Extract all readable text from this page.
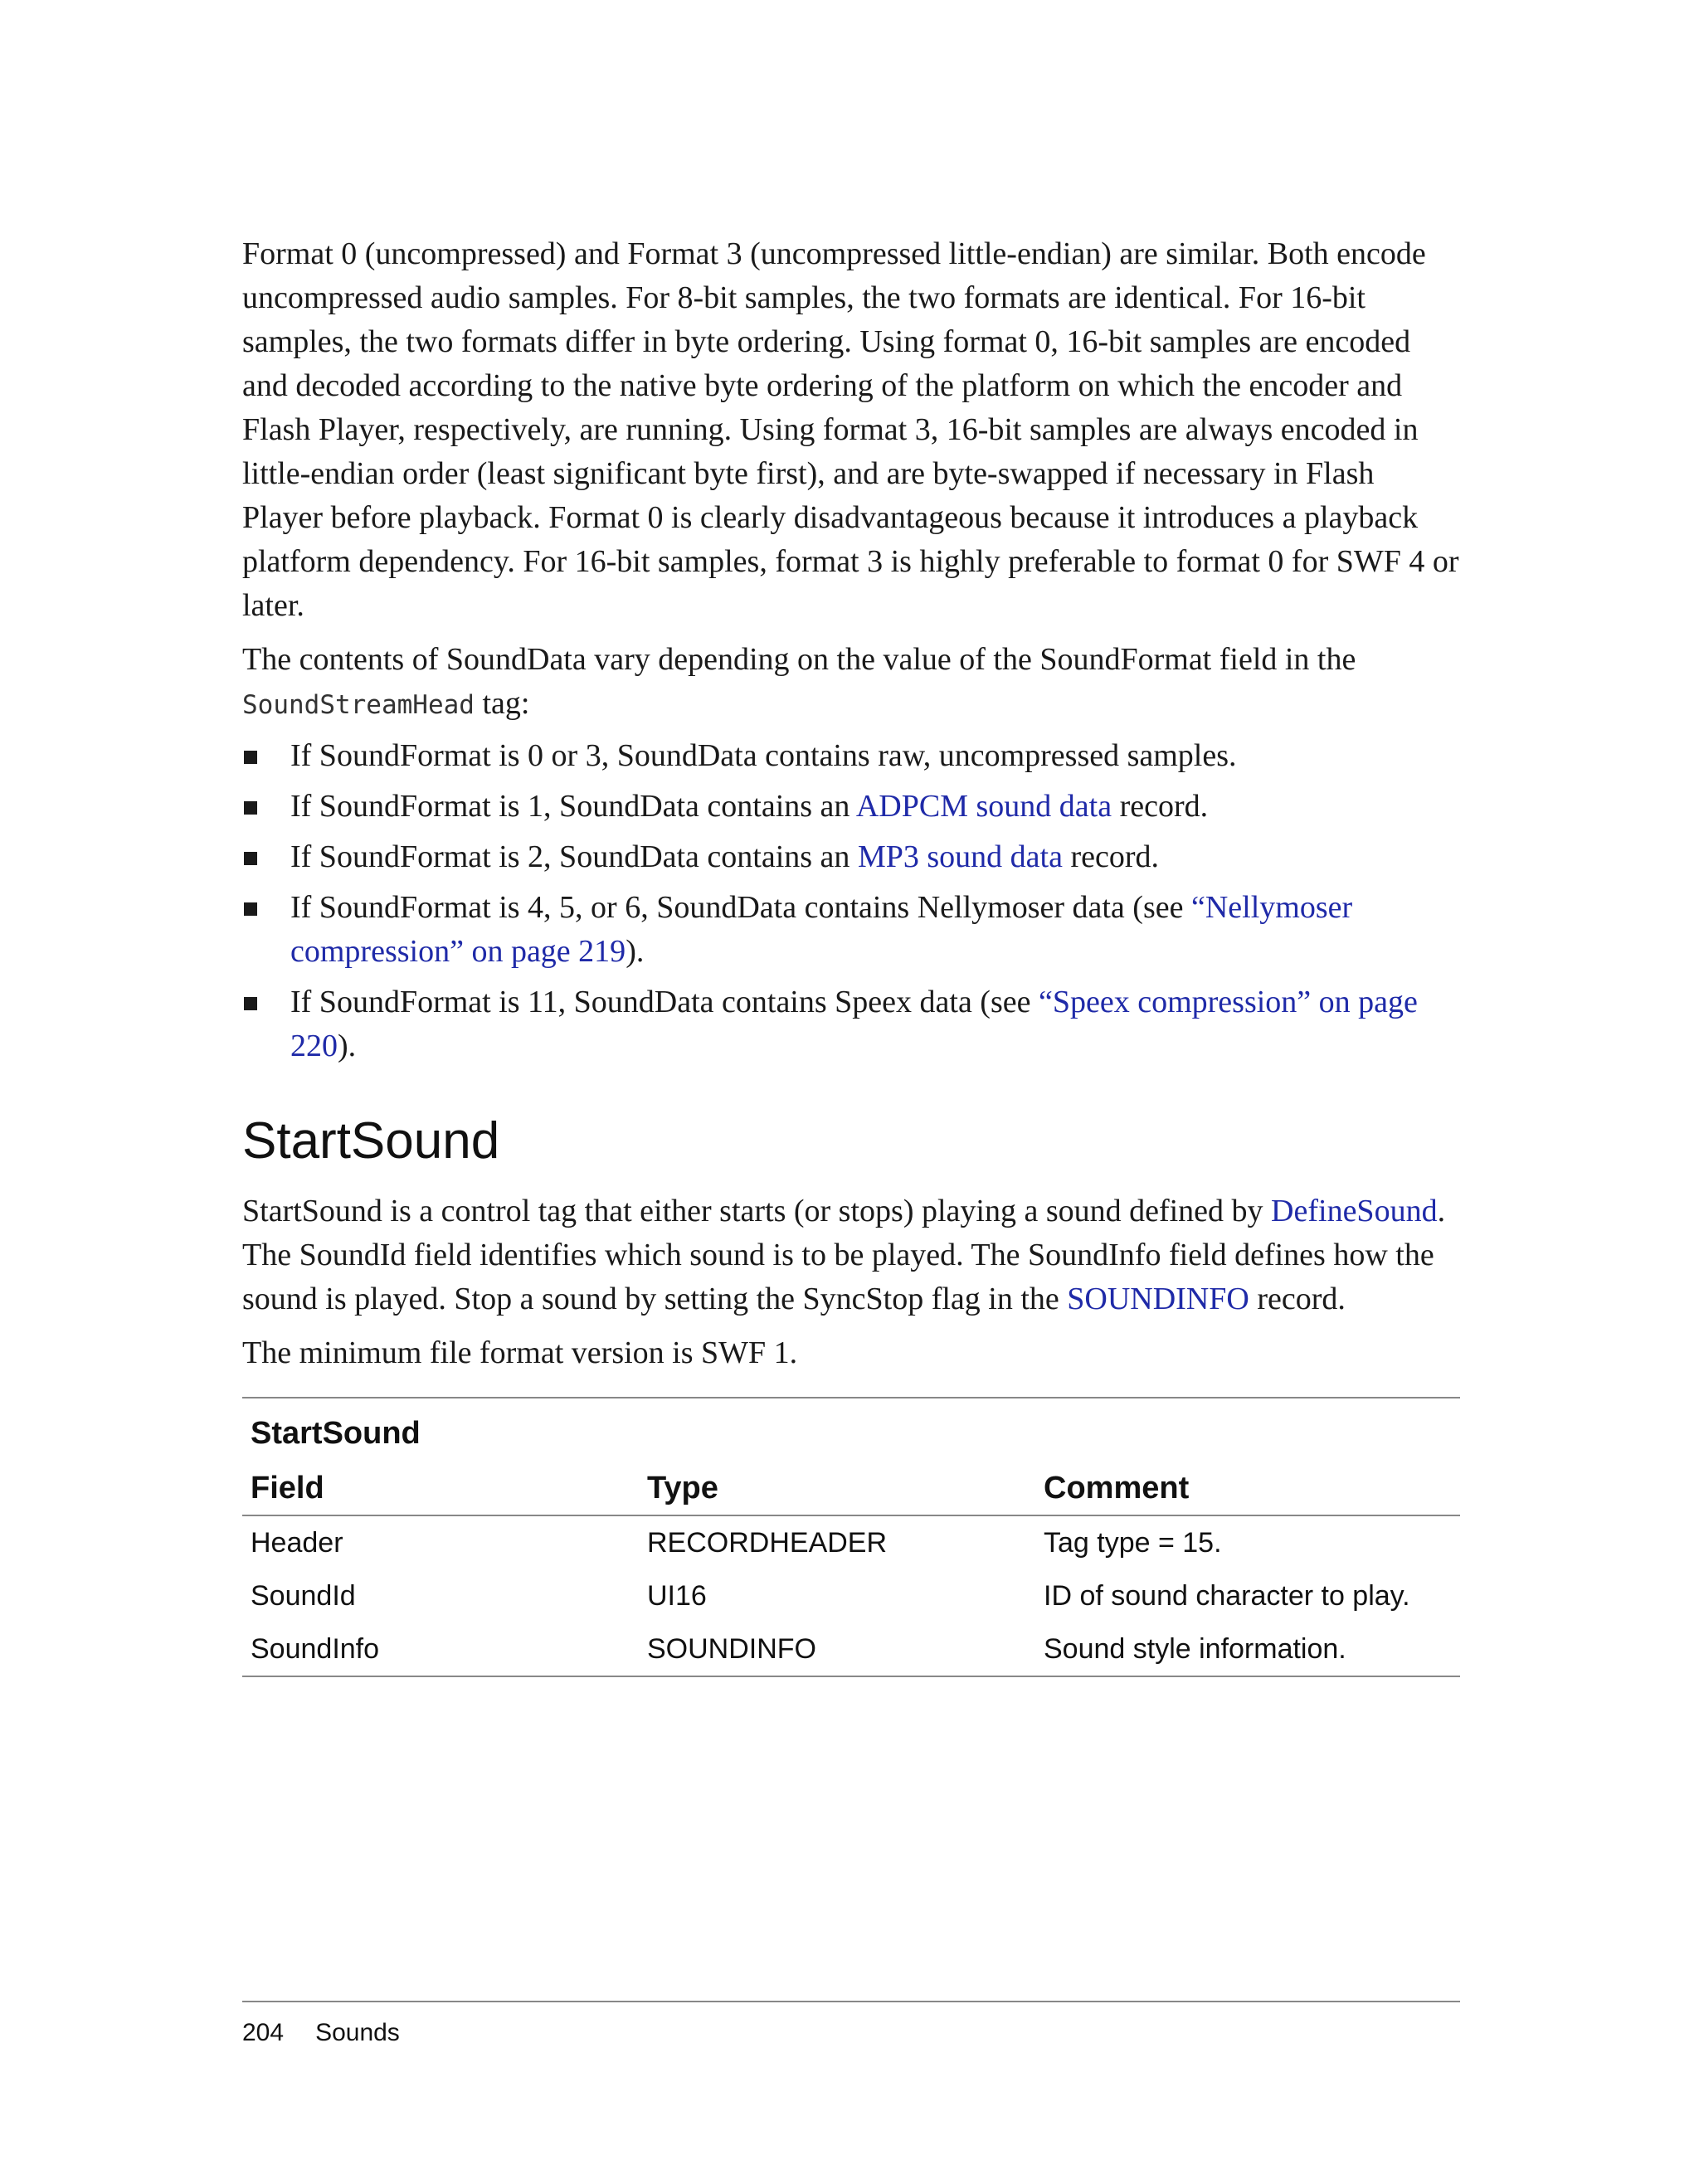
Format 0 (uncompressed) and Format 3 (uncompressed little-endian) are similar. Both encode uncompressed audio samples. For 8-bit samples, the two formats are identical. For 16-bit samples, the two formats differ in byte ordering. Using format 0, 16-bit samples are encoded and decoded according to the native byte ordering of the platform on which the encoder and Flash Player, respectively, are running. Using format 3, 16-bit samples are always encoded in little-endian order (least significant byte first), and are byte-swapped if necessary in Flash Player before playback. Format 0 is clearly disadvantageous because it introduces a playback platform dependency. For 16-bit samples, format 3 is highly preferable to format 0 for SWF 4 or later.

The contents of SoundData vary depending on the value of the SoundFormat field in the SoundStreamHead tag:

If SoundFormat is 0 or 3, SoundData contains raw, uncompressed samples.
If SoundFormat is 1, SoundData contains an ADPCM sound data record.
If SoundFormat is 2, SoundData contains an MP3 sound data record.
If SoundFormat is 4, 5, or 6, SoundData contains Nellymoser data (see “Nellymoser compression” on page 219).
If SoundFormat is 11, SoundData contains Speex data (see “Speex compression” on page 220).
StartSound

StartSound is a control tag that either starts (or stops) playing a sound defined by DefineSound. The SoundId field identifies which sound is to be played. The SoundInfo field defines how the sound is played. Stop a sound by setting the SyncStop flag in the SOUNDINFO record.

The minimum file format version is SWF 1.

StartSound		
Field	Type	Comment
Header	RECORDHEADER	Tag type = 15.
SoundId	UI16	ID of sound character to play.
SoundInfo	SOUNDINFO	Sound style information.
204 Sounds
